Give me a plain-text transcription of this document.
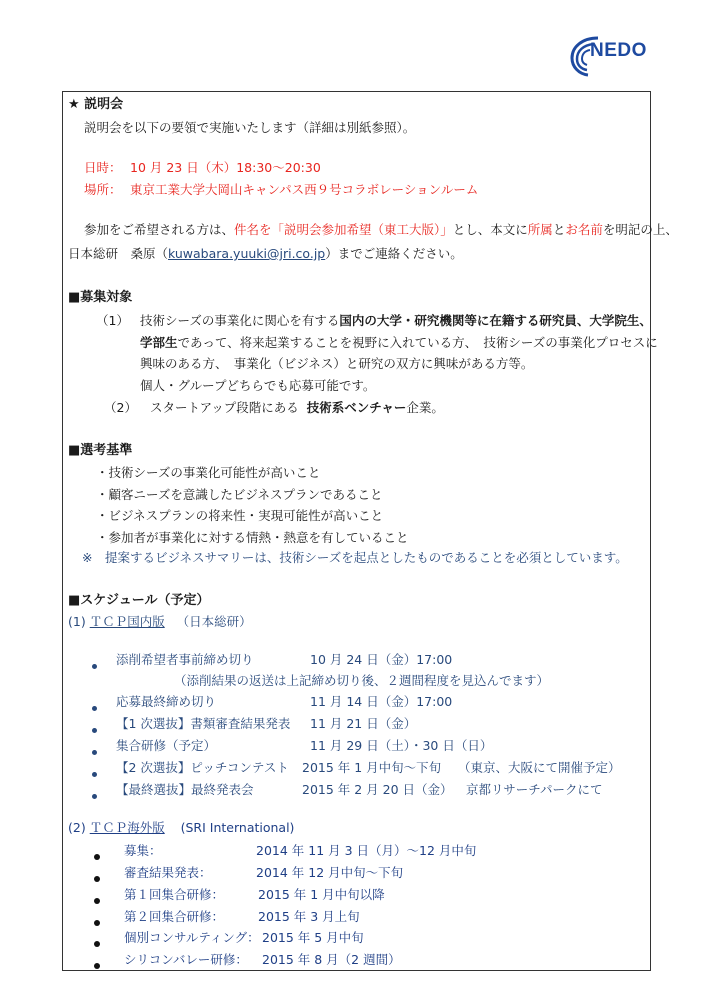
NEDO
★ 説明会
説明会を以下の要領で実施いたします（詳細は別紙参照）。
日時： 10 月 23 日（木）18:30～20:30
場所： 東京工業大学大岡山キャンパス西９号コラボレーションルーム
参加をご希望される方は、件名を「説明会参加希望（東工大版）」とし、本文に所属とお名前を明記の上、
日本総研　桑原（kuwabara.yuuki@jri.co.jp）までご連絡ください。
■募集対象
（1） 技術シーズの事業化に関心を有する国内の大学・研究機関等に在籍する研究員、大学院生、
学部生であって、将来起業することを視野に入れている方、　技術シーズの事業化プロセスに
興味のある方、　事業化（ビジネス）と研究の双方に興味がある方等。
個人・グループどちらでも応募可能です。
（2） スタートアップ段階にある 技術系ベンチャー企業。
■選考基準
・技術シーズの事業化可能性が高いこと
・顧客ニーズを意識したビジネスプランであること
・ビジネスプランの将来性・実現可能性が高いこと
・参加者が事業化に対する情熱・熱意を有していること
※　提案するビジネスサマリーは、技術シーズを起点としたものであることを必須としています。
■スケジュール（予定）
(1) ＴＣＰ国内版 （日本総研）
添削希望者事前締め切り	10 月 24 日（金）17:00
（添削結果の返送は上記締め切り後、２週間程度を見込んでます）
応募最終締め切り	11 月 14 日（金）17:00
【1 次選抜】書類審査結果発表 11 月 21 日（金）
集合研修（予定）	11 月 29 日（土）・30 日（日）
【2 次選抜】ピッチコンテスト 2015 年 1 月中旬～下旬 （東京、大阪にて開催予定）
【最終選抜】最終発表会	2015 年 2 月 20 日（金） 京都リサーチパークにて
(2) ＴＣＰ海外版 (SRI International)
募集：	2014 年 11 月 3 日（月）～12 月中旬
審査結果発表：	2014 年 12 月中旬～下旬
第１回集合研修：	2015 年 1 月中旬以降
第２回集合研修：	2015 年 3 月上旬
個別コンサルティング： 2015 年 5 月中旬
シリコンバレー研修： 2015 年 8 月（2 週間）
